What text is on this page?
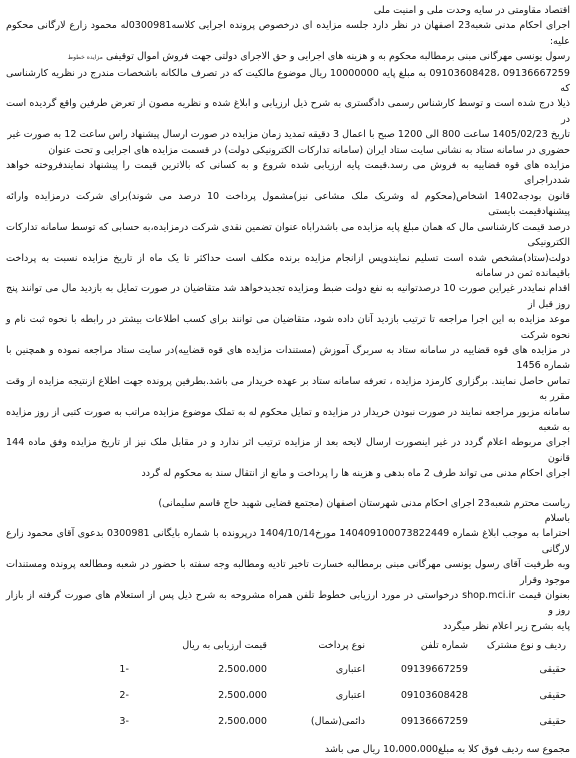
اقتصاد مقاومتی در سایه وحدت ملی و امنیت ملی

اجرای احکام مدنی شعبه23 اصفهان در نظر دارد جلسه مزایده ای درخصوص پرونده اجرایی کلاسه0300981له محمود زارع لارگانی محکوم علیه:

رسول یونسی مهرگانی مبنی برمطالبه محکوم به و هزینه های اجرایی و حق الاجرای دولتی جهت فروش اموال توقیفی مزایده خطوط

09136667259 ،09103608428 به مبلغ پایه 10000000 ریال موضوع مالکیت که در تصرف مالکانه باشخصات مندرج در نظریه کارشناسی که

ذیلا درج شده است و توسط کارشناس رسمی دادگستری به شرح ذیل ارزیابی و ابلاغ شده و نظریه مصون از تعرض طرفین واقع گردیده است در

تاریخ 1405/02/23 ساعت 800 الی 1200 صبح با اعمال 3 دقیقه تمدید زمان مزایده در صورت ارسال پیشنهاد راس ساعت 12 به صورت غیر

حضوری در سامانه ستاد به نشانی سایت ستاد ایران (سامانه تدارکات الکترونیکی دولت) در قسمت مزایده های اجرایی و تحت عنوان

مزایده های قوه قضاییه به فروش می رسد.قیمت پایه ارزیابی شده شروع و به کسانی که بالاترین قیمت را پیشنهاد نمایندفروخته خواهد شددراجرای

قانون بودجه1402 اشخاص(محکوم له وشریک ملک مشاعی نیز)مشمول پرداخت 10 درصد می شوند)برای شرکت درمزایده وارائه پیشنهادقیمت بایستی

درصد قیمت کارشناسی مال که همان مبلغ پایه مزایده می باشدراباه عنوان تضمین نقدی شرکت درمزایده،به حسابی که توسط سامانه تدارکات الکترونیکی

دولت(ستاد)مشخص شده است تسلیم نمایندوپس ازانجام مزایده برنده مکلف است حداکثر تا یک ماه از تاریخ مزایده نسبت به پرداخت باقیمانده ثمن در سامانه

اقدام نمایددر غیراین صورت 10 درصدتوانیه به نفع دولت ضبط ومزایده تجدیدخواهد شد متقاضیان در صورت تمایل به بازدید مال می توانند پنج روز قبل از

موعد مزایده به این اجرا مراجعه تا ترتیب بازدید آنان داده شود، متقاضیان می توانند برای کسب اطلاعات بیشتر در رابطه با نحوه ثبت نام و نحوه شرکت

در مزایده های قوه قضاییه در سامانه ستاد به سربرگ آموزش (مستندات مزایده های قوه قضاییه)در سایت ستاد مراجعه نموده و همچنین با شماره 1456

تماس حاصل نمایند. برگزاری کارمزد مزایده ، تعرفه سامانه ستاد بر عهده خریدار می باشد.بطرفین پرونده جهت اطلاع ازنتیجه مزایده از وقت مقرر به

سامانه مزبور مراجعه نمایند در صورت نبودن خریدار در مزایده و تمایل محکوم له به تملک موضوع مزایده مراتب به صورت کتبی از روز مزایده به شعبه

اجرای مربوطه اعلام گردد در غیر اینصورت ارسال لایحه بعد از مزایده ترتیب اثر ندارد و در مقابل ملک نیز از تاریخ مزایده وفق ماده 144 قانون

اجرای احکام مدنی می تواند طرف 2 ماه بدهی و هزینه ها را پرداخت و مانع از انتقال سند به محکوم له گردد

ریاست محترم شعبه23 اجرای احکام مدنی شهرستان اصفهان (مجتمع قضایی شهید حاج قاسم سلیمانی)

باسلام

احتراما به موجب ابلاغ شماره 140409100073822449 مورخ1404/10/14 درپرونده با شماره بایگانی 0300981 بدعوی آقای محمود زارع لارگانی

وبه طرفیت آقای رسول یونسی مهرگانی مبنی برمطالبه خسارت تاخیر تادیه ومطالبه وجه سفته با حضور در شعبه ومطالعه پرونده ومستندات موجود وقرار

بعنوان قیمت shop.mci.ir درخواستی در مورد ارزیابی خطوط تلفن همراه مشروحه به شرح ذیل پس از استعلام های صورت گرفته از بازار روز و

پایه بشرح زیر اعلام نظر میگردد

ردیف و نوع مشترک	شماره تلفن	نوع پرداخت	قیمت ارزیابی به ریال	
حقیقی	09139667259	اعتباری	2،500،000	1-
حقیقی	09103608428	اعتباری	2،500،000	2-
حقیقی	09136667259	دائمی(شمال)	2،500،000	3-

مجموع سه ردیف فوق کلا به مبلغ10،000،000 ریال می باشد
